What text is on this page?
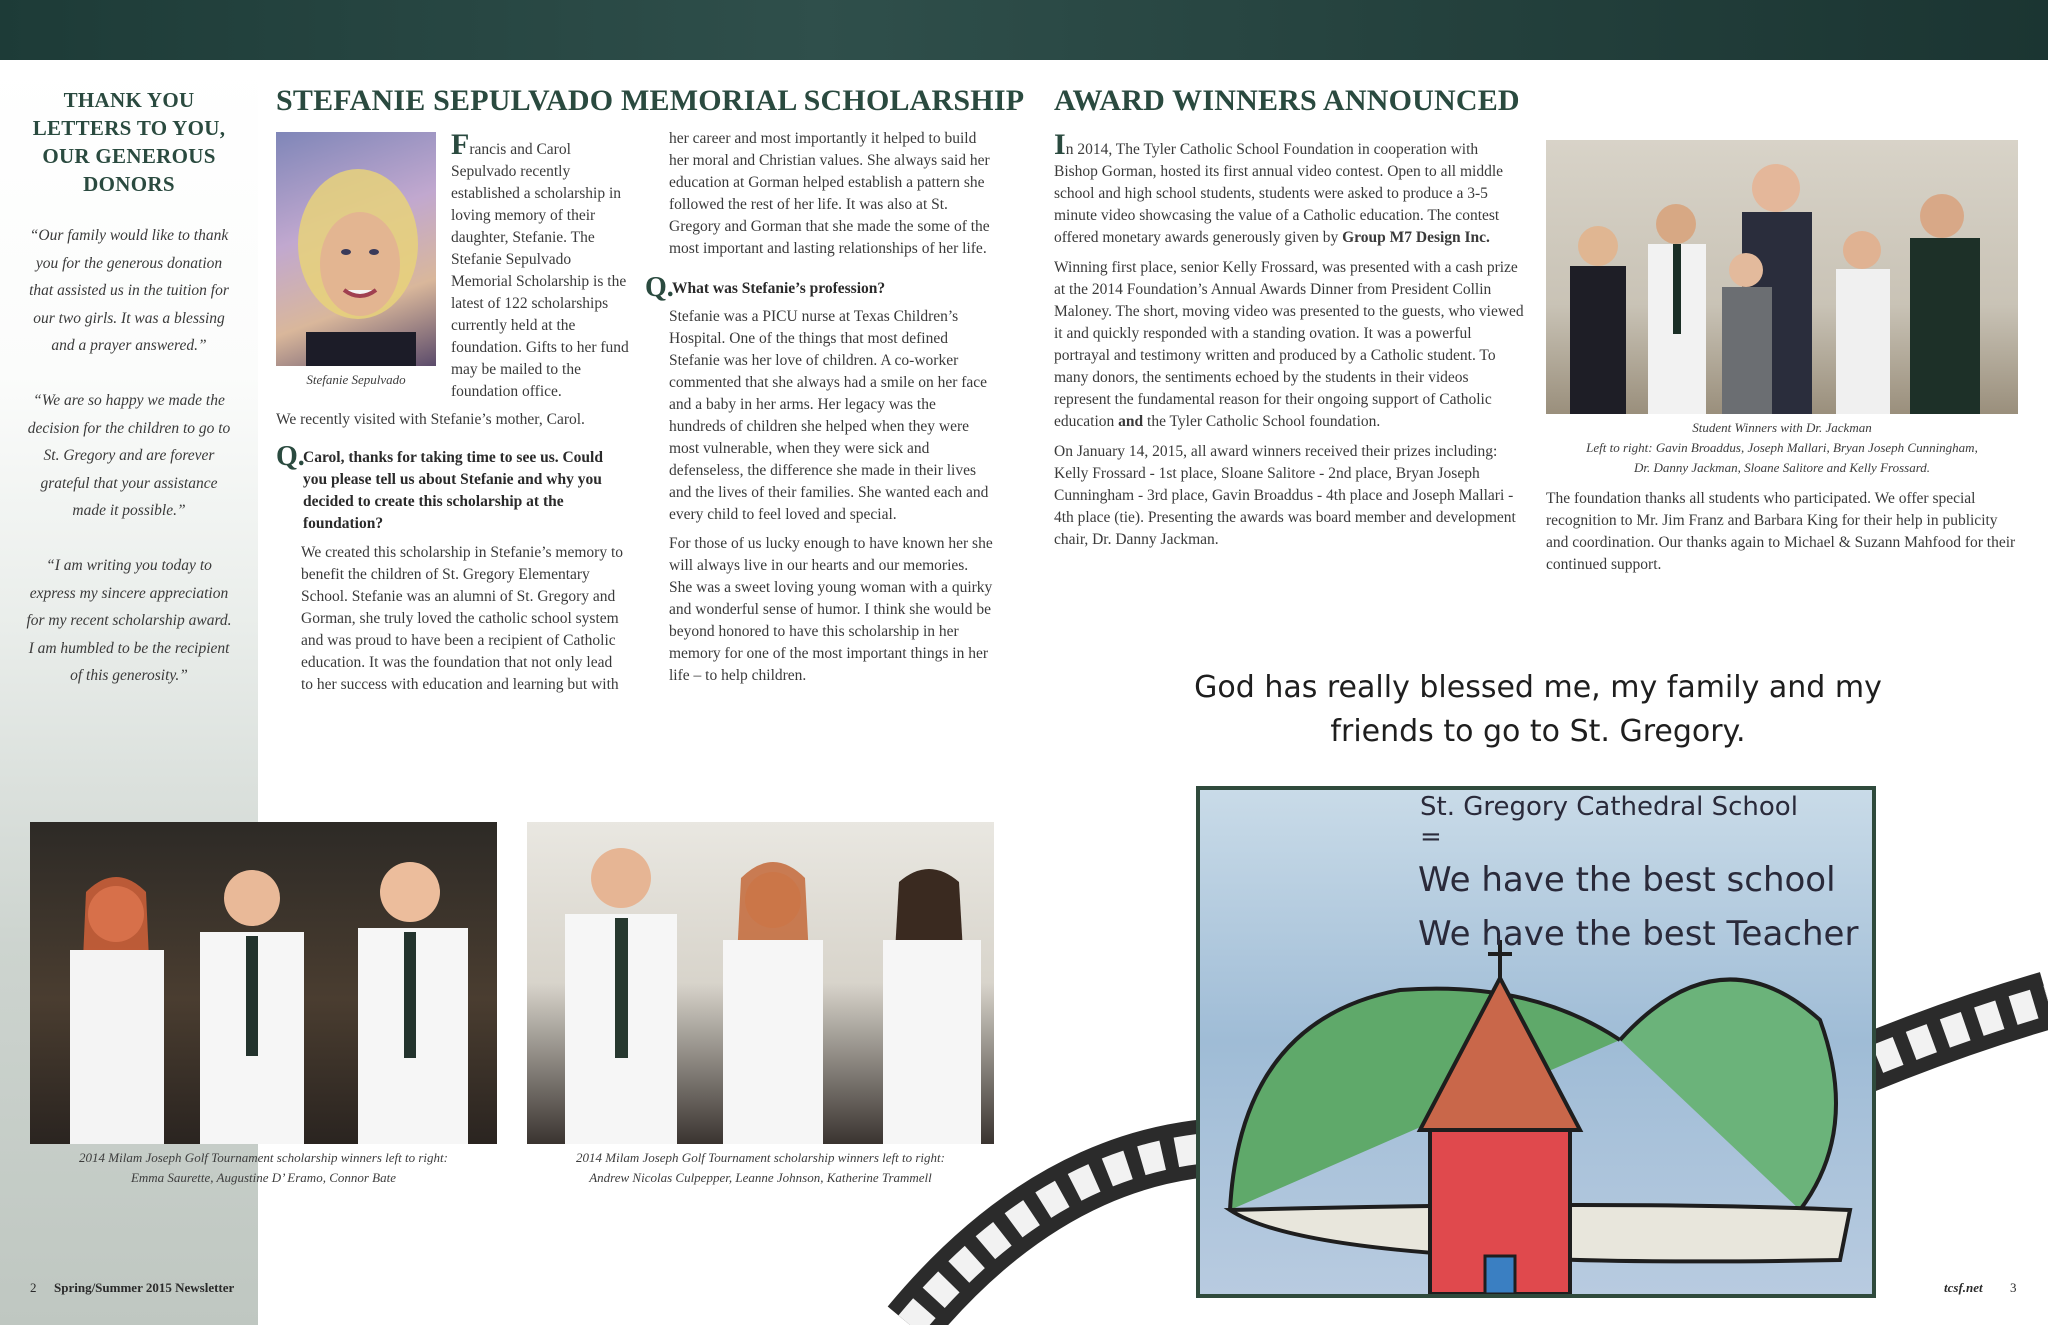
THANK YOU LETTERS TO YOU, OUR GENEROUS DONORS
“Our family would like to thank you for the generous donation that assisted us in the tuition for our two girls. It was a blessing and a prayer answered.”
“We are so happy we made the decision for the children to go to St. Gregory and are forever grateful that your assistance made it possible.”
“I am writing you today to express my sincere appreciation for my recent scholarship award. I am humbled to be the recipient of this generosity.”
STEFANIE SEPULVADO MEMORIAL SCHOLARSHIP
Stefanie Sepulvado
Francis and Carol Sepulvado recently established a scholarship in loving memory of their daughter, Stefanie. The Stefanie Sepulvado Memorial Scholarship is the latest of 122 scholarships currently held at the foundation. Gifts to her fund may be mailed to the foundation office.
We recently visited with Stefanie’s mother, Carol.
Q.
Carol, thanks for taking time to see us. Could you please tell us about Stefanie and why you decided to create this scholarship at the foundation?
We created this scholarship in Stefanie’s memory to benefit the children of St. Gregory Elementary School. Stefanie was an alumni of St. Gregory and Gorman, she truly loved the catholic school system and was proud to have been a recipient of Catholic education. It was the foundation that not only lead to her success with education and learning but with
her career and most importantly it helped to build her moral and Christian values. She always said her education at Gorman helped establish a pattern she followed the rest of her life. It was also at St. Gregory and Gorman that she made the some of the most important and lasting relationships of her life.
Q.
What was Stefanie’s profession?
Stefanie was a PICU nurse at Texas Children’s Hospital. One of the things that most defined Stefanie was her love of children. A co-worker commented that she always had a smile on her face and a baby in her arms. Her legacy was the hundreds of children she helped when they were most vulnerable, when they were sick and defenseless, the difference she made in their lives and the lives of their families. She wanted each and every child to feel loved and special.
For those of us lucky enough to have known her she will always live in our hearts and our memories. She was a sweet loving young woman with a quirky and wonderful sense of humor. I think she would be beyond honored to have this scholarship in her memory for one of the most important things in her life – to help children.
AWARD WINNERS ANNOUNCED

In 2014, The Tyler Catholic School Foundation in cooperation with Bishop Gorman, hosted its first annual video contest. Open to all middle school and high school students, students were asked to produce a 3-5 minute video showcasing the value of a Catholic education. The contest offered monetary awards generously given by Group M7 Design Inc.

Winning first place, senior Kelly Frossard, was presented with a cash prize at the 2014 Foundation’s Annual Awards Dinner from President Collin Maloney. The short, moving video was presented to the guests, who viewed it and quickly responded with a standing ovation. It was a powerful portrayal and testimony written and produced by a Catholic student. To many donors, the sentiments echoed by the students in their videos represent the fundamental reason for their ongoing support of Catholic education and the Tyler Catholic School foundation.

On January 14, 2015, all award winners received their prizes including: Kelly Frossard - 1st place, Sloane Salitore - 2nd place, Bryan Joseph Cunningham - 3rd place, Gavin Broaddus - 4th place and Joseph Mallari - 4th place (tie). Presenting the awards was board member and development chair, Dr. Danny Jackman.

Student Winners with Dr. Jackman
Left to right: Gavin Broaddus, Joseph Mallari, Bryan Joseph Cunningham,
Dr. Danny Jackman, Sloane Salitore and Kelly Frossard.
The foundation thanks all students who participated. We offer special recognition to Mr. Jim Franz and Barbara King for their help in publicity and coordination. Our thanks again to Michael & Suzann Mahfood for their continued support.
God has really blessed me, my family and my
friends to go to St. Gregory.
St. Gregory Cathedral School
=
We have the best school
We have the best Teacher
2014 Milam Joseph Golf Tournament scholarship winners left to right:
Emma Saurette, Augustine D’ Eramo, Connor Bate
2014 Milam Joseph Golf Tournament scholarship winners left to right:
Andrew Nicolas Culpepper, Leanne Johnson, Katherine Trammell
2 Spring/Summer 2015 Newsletter	tcsf.net 3
